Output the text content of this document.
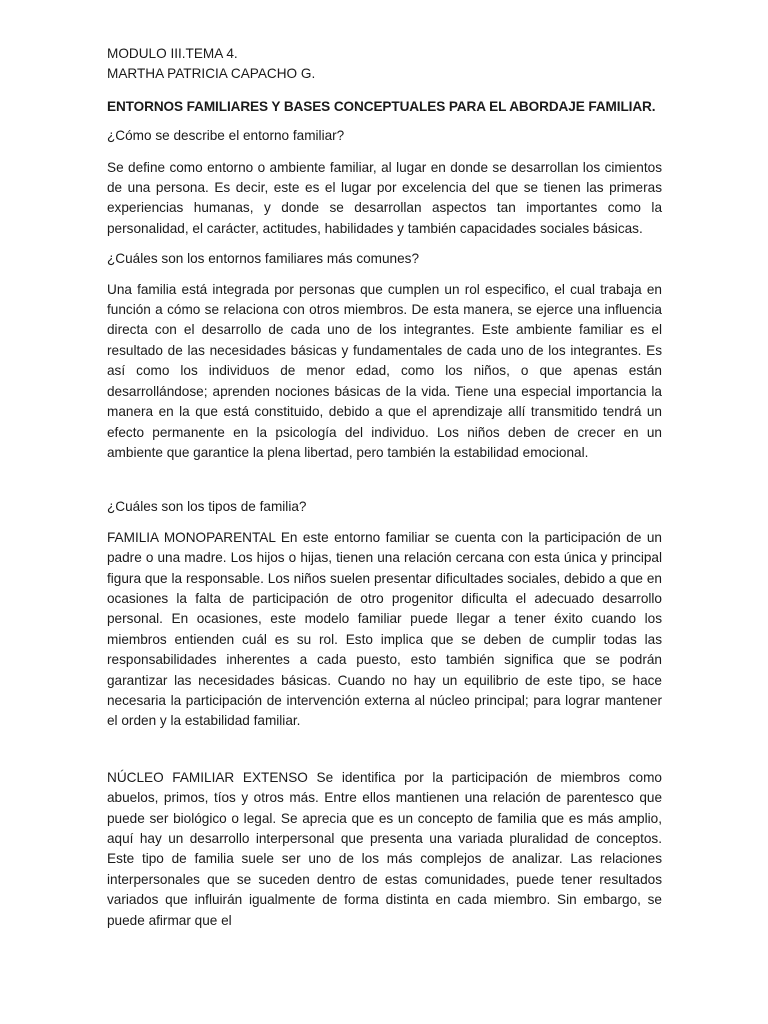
MODULO III.TEMA 4.

MARTHA PATRICIA CAPACHO G.

ENTORNOS FAMILIARES Y BASES CONCEPTUALES PARA EL ABORDAJE FAMILIAR.

¿Cómo se describe el entorno familiar?

Se define como entorno o ambiente familiar, al lugar en donde se desarrollan los cimientos de una persona. Es decir, este es el lugar por excelencia del que se tienen las primeras experiencias humanas, y donde se desarrollan aspectos tan importantes como la personalidad, el carácter, actitudes, habilidades y también capacidades sociales básicas.

¿Cuáles son los entornos familiares más comunes?

Una familia está integrada por personas que cumplen un rol especifico, el cual trabaja en función a cómo se relaciona con otros miembros. De esta manera, se ejerce una influencia directa con el desarrollo de cada uno de los integrantes. Este ambiente familiar es el resultado de las necesidades básicas y fundamentales de cada uno de los integrantes. Es así como los individuos de menor edad, como los niños, o que apenas están desarrollándose; aprenden nociones básicas de la vida. Tiene una especial importancia la manera en la que está constituido, debido a que el aprendizaje allí transmitido tendrá un efecto permanente en la psicología del individuo. Los niños deben de crecer en un ambiente que garantice la plena libertad, pero también la estabilidad emocional.

¿Cuáles son los tipos de familia?

FAMILIA MONOPARENTAL En este entorno familiar se cuenta con la participación de un padre o una madre. Los hijos o hijas, tienen una relación cercana con esta única y principal figura que la responsable. Los niños suelen presentar dificultades sociales, debido a que en ocasiones la falta de participación de otro progenitor dificulta el adecuado desarrollo personal. En ocasiones, este modelo familiar puede llegar a tener éxito cuando los miembros entienden cuál es su rol. Esto implica que se deben de cumplir todas las responsabilidades inherentes a cada puesto, esto también significa que se podrán garantizar las necesidades básicas. Cuando no hay un equilibrio de este tipo, se hace necesaria la participación de intervención externa al núcleo principal; para lograr mantener el orden y la estabilidad familiar.

NÚCLEO FAMILIAR EXTENSO Se identifica por la participación de miembros como abuelos, primos, tíos y otros más. Entre ellos mantienen una relación de parentesco que puede ser biológico o legal. Se aprecia que es un concepto de familia que es más amplio, aquí hay un desarrollo interpersonal que presenta una variada pluralidad de conceptos. Este tipo de familia suele ser uno de los más complejos de analizar. Las relaciones interpersonales que se suceden dentro de estas comunidades, puede tener resultados variados que influirán igualmente de forma distinta en cada miembro. Sin embargo, se puede afirmar que el
